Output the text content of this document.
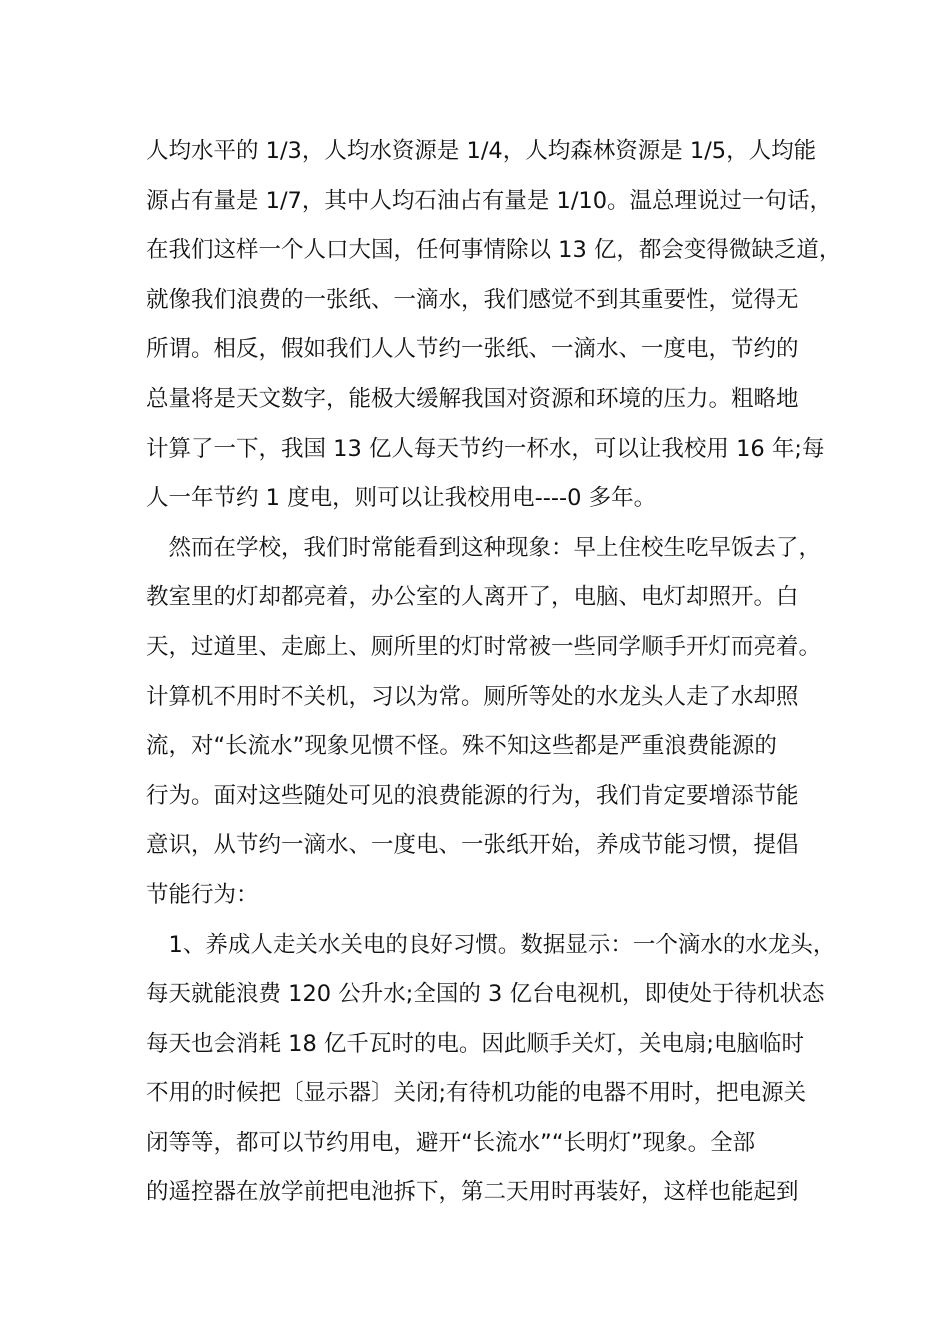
人均水平的 1/3，人均水资源是 1/4，人均森林资源是 1/5，人均能
源占有量是 1/7，其中人均石油占有量是 1/10。温总理说过一句话，
在我们这样一个人口大国，任何事情除以 13 亿，都会变得微缺乏道，
就像我们浪费的一张纸、一滴水，我们感觉不到其重要性，觉得无
所谓。相反，假如我们人人节约一张纸、一滴水、一度电，节约的
总量将是天文数字，能极大缓解我国对资源和环境的压力。粗略地
计算了一下，我国 13 亿人每天节约一杯水，可以让我校用 16 年;每
人一年节约 1 度电，则可以让我校用电----0 多年。
　然而在学校，我们时常能看到这种现象：早上住校生吃早饭去了，
教室里的灯却都亮着，办公室的人离开了，电脑、电灯却照开。白
天，过道里、走廊上、厕所里的灯时常被一些同学顺手开灯而亮着。
计算机不用时不关机，习以为常。厕所等处的水龙头人走了水却照
流，对“长流水”现象见惯不怪。殊不知这些都是严重浪费能源的
行为。面对这些随处可见的浪费能源的行为，我们肯定要增添节能
意识，从节约一滴水、一度电、一张纸开始，养成节能习惯，提倡
节能行为：
　1、养成人走关水关电的良好习惯。数据显示：一个滴水的水龙头，
每天就能浪费 120 公升水;全国的 3 亿台电视机，即使处于待机状态
每天也会消耗 18 亿千瓦时的电。因此顺手关灯，关电扇;电脑临时
不用的时候把〔显示器〕关闭;有待机功能的电器不用时，把电源关
闭等等，都可以节约用电，避开“长流水”“长明灯”现象。全部
的遥控器在放学前把电池拆下，第二天用时再装好，这样也能起到
